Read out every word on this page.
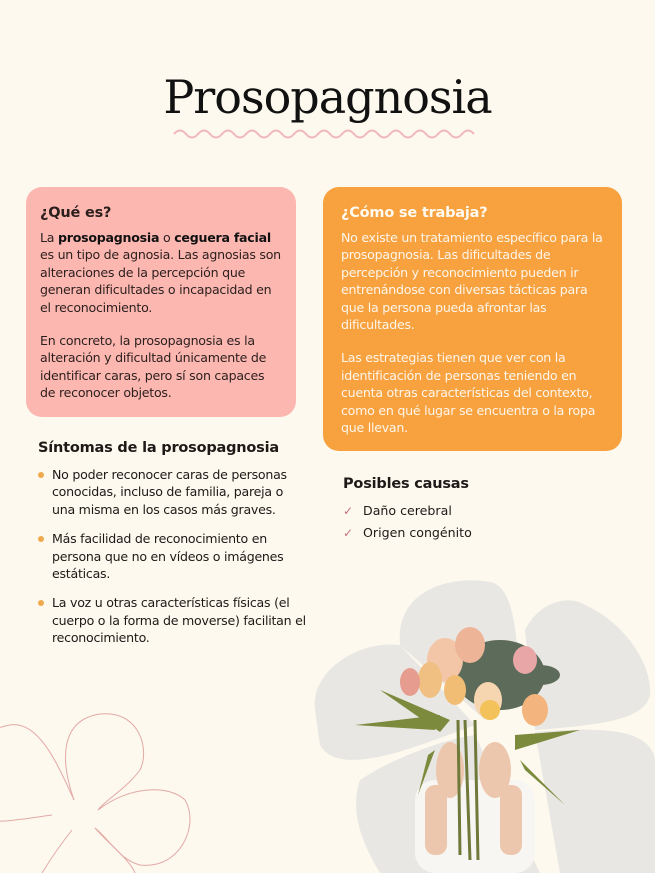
Prosopagnosia
¿Qué es?

La prosopagnosia o ceguera facial es un tipo de agnosia. Las agnosias son alteraciones de la percepción que generan dificultades o incapacidad en el reconocimiento.

En concreto, la prosopagnosia es la alteración y dificultad únicamente de identificar caras, pero sí son capaces de reconocer objetos.

¿Cómo se trabaja?

No existe un tratamiento específico para la prosopagnosia. Las dificultades de percepción y reconocimiento pueden ir entrenándose con diversas tácticas para que la persona pueda afrontar las dificultades.

Las estrategias tienen que ver con la identificación de personas teniendo en cuenta otras características del contexto, como en qué lugar se encuentra o la ropa que llevan.

Síntomas de la prosopagnosia
No poder reconocer caras de personas conocidas, incluso de familia, pareja o una misma en los casos más graves.
Más facilidad de reconocimiento en persona que no en vídeos o imágenes estáticas.
La voz u otras características físicas (el cuerpo o la forma de moverse) facilitan el reconocimiento.
Posibles causas
✓ Daño cerebral
✓ Origen congénito
